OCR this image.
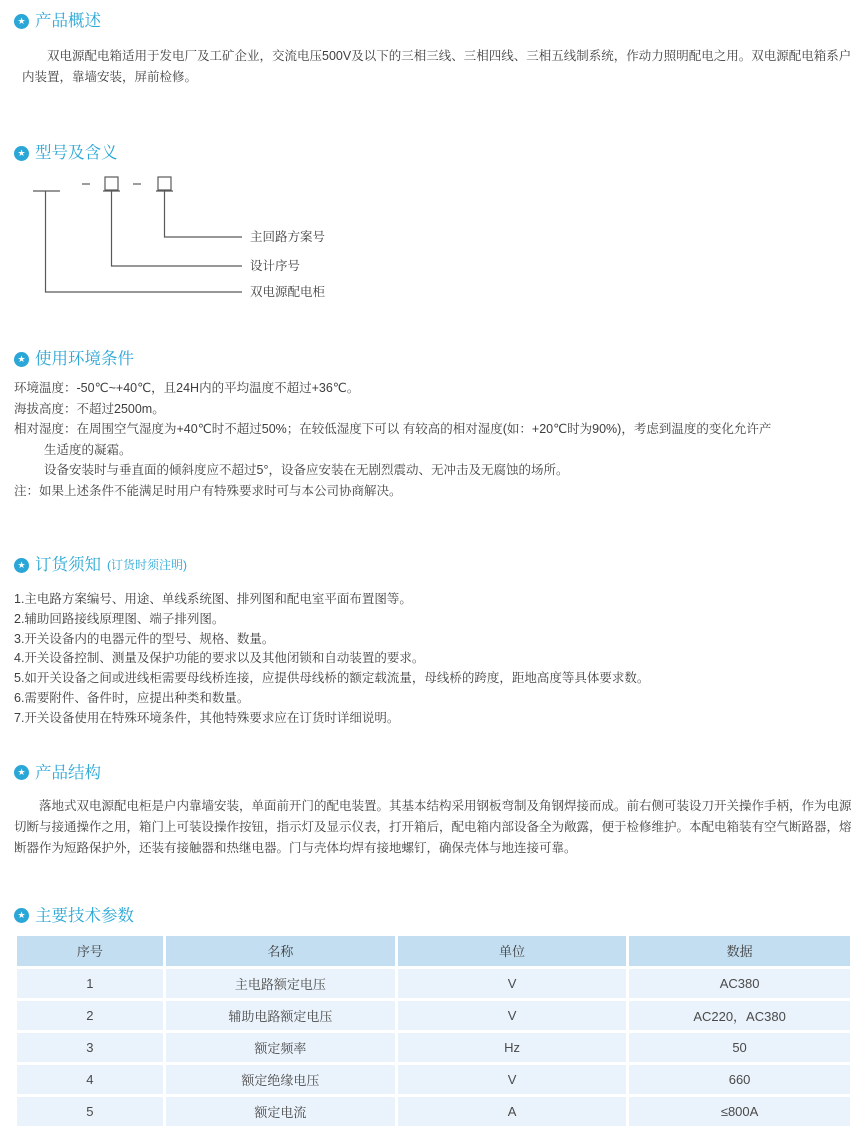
★ 产品概述

双电源配电箱适用于发电厂及工矿企业，交流电压500V及以下的三相三线、三相四线、三相五线制系统，作动力照明配电之用。双电源配电箱系户内装置，靠墙安装，屏前检修。

★ 型号及含义
主回路方案号
设计序号
双电源配电柜
★ 使用环境条件
环境温度：-50℃~+40℃，且24H内的平均温度不超过+36℃。
海拔高度：不超过2500m。
相对湿度：在周围空气湿度为+40℃时不超过50%；在较低湿度下可以 有较高的相对湿度(如：+20℃时为90%)，考虑到温度的变化允许产
生适度的凝霜。
设备安装时与垂直面的倾斜度应不超过5°，设备应安装在无剧烈震动、无冲击及无腐蚀的场所。
注：如果上述条件不能满足时用户有特殊要求时可与本公司协商解决。
★ 订货须知 (订货时须注明)
1.主电路方案编号、用途、单线系统图、排列图和配电室平面布置图等。
2.辅助回路接线原理图、端子排列图。
3.开关设备内的电器元件的型号、规格、数量。
4.开关设备控制、测量及保护功能的要求以及其他闭锁和自动装置的要求。
5.如开关设备之间或进线柜需要母线桥连接，应提供母线桥的额定载流量，母线桥的跨度，距地高度等具体要求数。
6.需要附件、备件时，应提出种类和数量。
7.开关设备使用在特殊环境条件，其他特殊要求应在订货时详细说明。
★ 产品结构

落地式双电源配电柜是户内靠墙安装，单面前开门的配电装置。其基本结构采用钢板弯制及角钢焊接而成。前右侧可装设刀开关操作手柄，作为电源切断与接通操作之用，箱门上可装设操作按钮，指示灯及显示仪表，打开箱后，配电箱内部设备全为敞露，便于检修维护。本配电箱装有空气断路器，熔断器作为短路保护外，还装有接触器和热继电器。门与壳体均焊有接地螺钉，确保壳体与地连接可靠。

★ 主要技术参数
序号	名称	单位	数据
1	主电路额定电压	V	AC380
2	辅助电路额定电压	V	AC220，AC380
3	额定频率	Hz	50
4	额定绝缘电压	V	660
5	额定电流	A	≤800A
